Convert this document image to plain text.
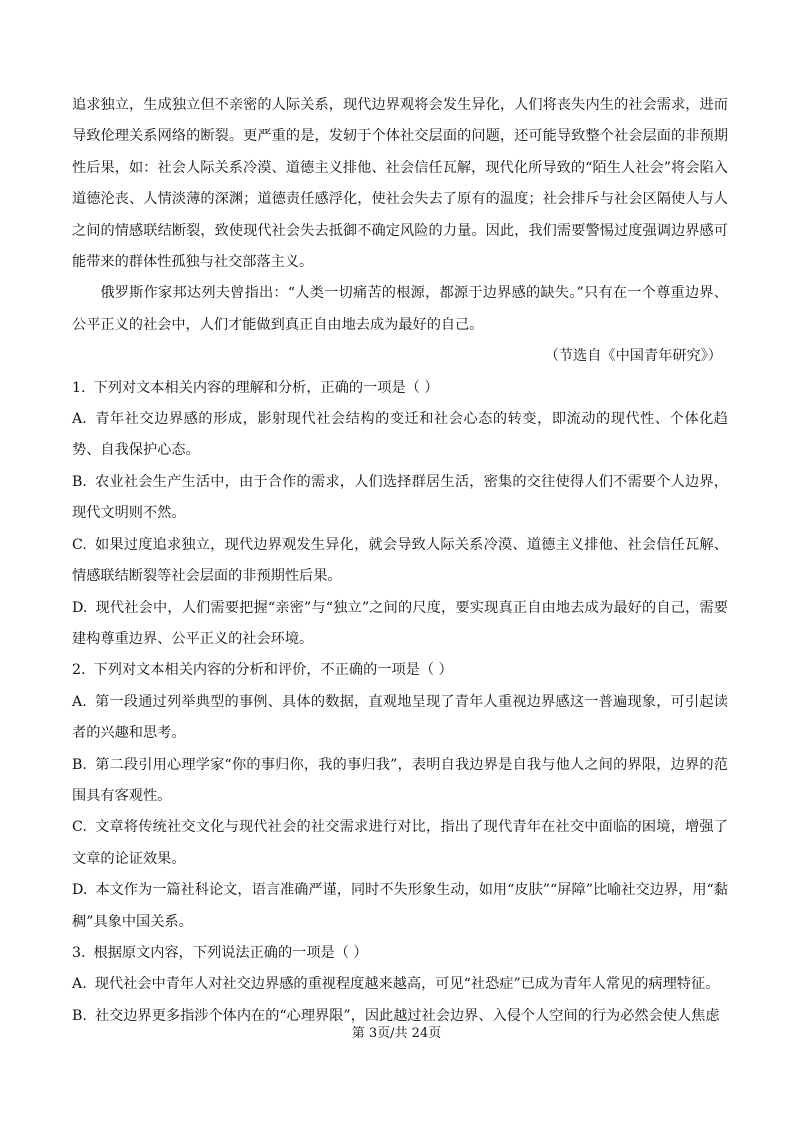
追求独立，生成独立但不亲密的人际关系，现代边界观将会发生异化，人们将丧失内生的社会需求，进而导致伦理关系网络的断裂。更严重的是，发轫于个体社交层面的问题，还可能导致整个社会层面的非预期性后果，如：社会人际关系冷漠、道德主义排他、社会信任瓦解，现代化所导致的“陌生人社会”将会陷入道德沦丧、人情淡薄的深渊；道德责任感浮化，使社会失去了原有的温度；社会排斥与社会区隔使人与人之间的情感联结断裂，致使现代社会失去抵御不确定风险的力量。因此，我们需要警惕过度强调边界感可能带来的群体性孤独与社交部落主义。

俄罗斯作家邦达列夫曾指出：“人类一切痛苦的根源，都源于边界感的缺失。”只有在一个尊重边界、公平正义的社会中，人们才能做到真正自由地去成为最好的自己。

（节选自《中国青年研究》）

1. 下列对文本相关内容的理解和分析，正确的一项是（ ）

A. 青年社交边界感的形成，影射现代社会结构的变迁和社会心态的转变，即流动的现代性、个体化趋势、自我保护心态。

B. 农业社会生产生活中，由于合作的需求，人们选择群居生活，密集的交往使得人们不需要个人边界，现代文明则不然。

C. 如果过度追求独立，现代边界观发生异化，就会导致人际关系冷漠、道德主义排他、社会信任瓦解、情感联结断裂等社会层面的非预期性后果。

D. 现代社会中，人们需要把握“亲密”与“独立”之间的尺度，要实现真正自由地去成为最好的自己，需要建构尊重边界、公平正义的社会环境。

2. 下列对文本相关内容的分析和评价，不正确的一项是（ ）

A. 第一段通过列举典型的事例、具体的数据，直观地呈现了青年人重视边界感这一普遍现象，可引起读者的兴趣和思考。

B. 第二段引用心理学家“你的事归你，我的事归我”，表明自我边界是自我与他人之间的界限，边界的范围具有客观性。

C. 文章将传统社交文化与现代社会的社交需求进行对比，指出了现代青年在社交中面临的困境，增强了文章的论证效果。

D. 本文作为一篇社科论文，语言准确严谨，同时不失形象生动，如用“皮肤”“屏障”比喻社交边界，用“黏稠”具象中国关系。

3. 根据原文内容，下列说法正确的一项是（ ）

A. 现代社会中青年人对社交边界感的重视程度越来越高，可见“社恐症”已成为青年人常见的病理特征。

B. 社交边界更多指涉个体内在的“心理界限”，因此越过社会边界、入侵个人空间的行为必然会使人焦虑

第 3页/共 24页
